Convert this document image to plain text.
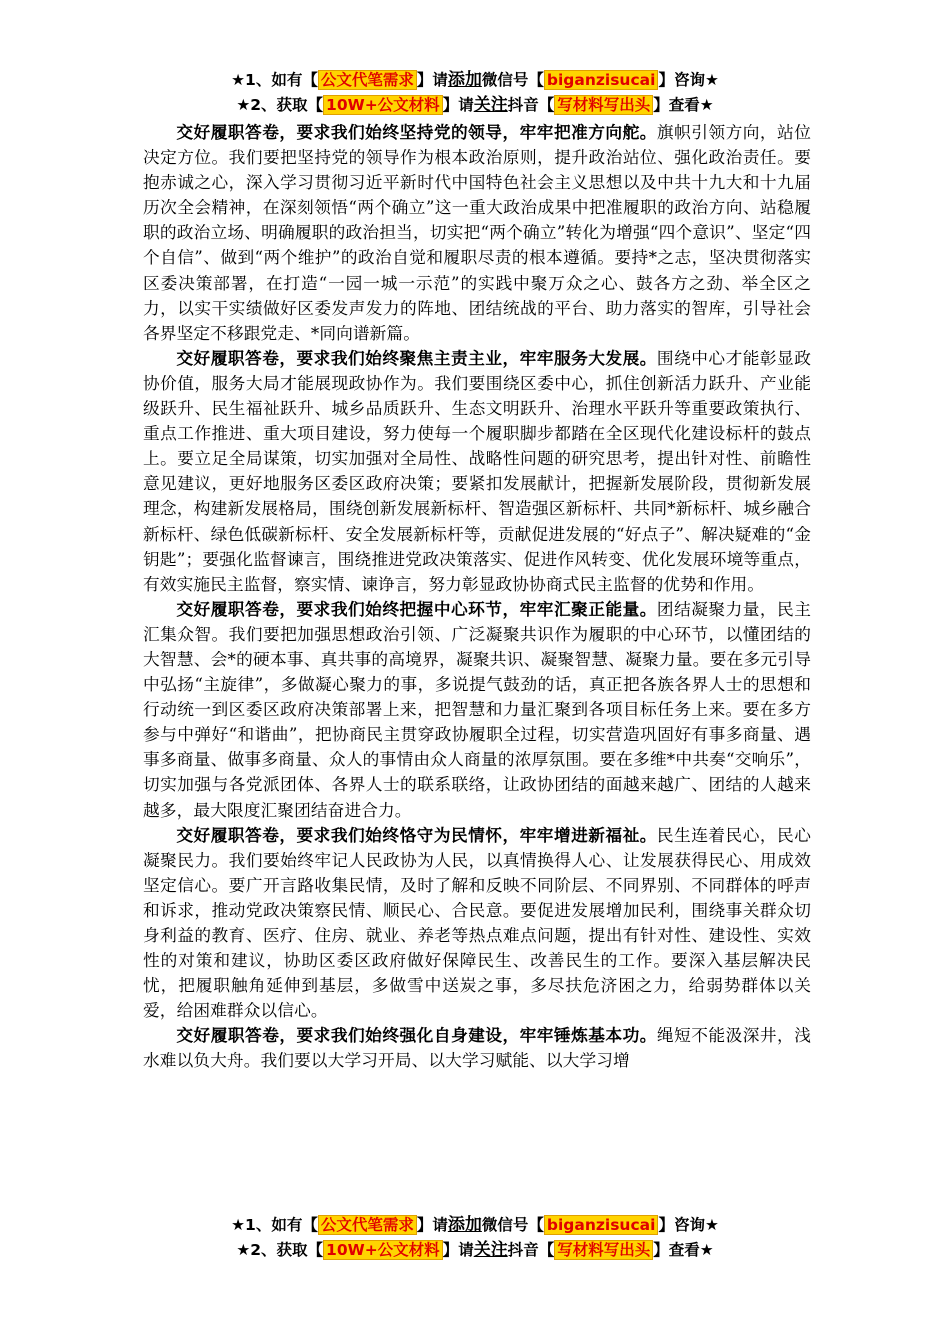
★1、如有【 公文代笔需求 】请添加微信号【 biganzisucai 】咨询★
★2、获取【 10W+公文材料 】请关注抖音【 写材料写出头 】查看★

交好履职答卷，要求我们始终坚持党的领导，牢牢把准方向舵。旗帜引领方向，站位决定方位。我们要把坚持党的领导作为根本政治原则，提升政治站位、强化政治责任。要抱赤诚之心，深入学习贯彻习近平新时代中国特色社会主义思想以及中共十九大和十九届历次全会精神，在深刻领悟“两个确立”这一重大政治成果中把准履职的政治方向、站稳履职的政治立场、明确履职的政治担当，切实把“两个确立”转化为增强“四个意识”、坚定“四个自信”、做到“两个维护”的政治自觉和履职尽责的根本遵循。要持*之志，坚决贯彻落实区委决策部署，在打造“一园一城一示范”的实践中聚万众之心、鼓各方之劲、举全区之力，以实干实绩做好区委发声发力的阵地、团结统战的平台、助力落实的智库，引导社会各界坚定不移跟党走、*同向谱新篇。

交好履职答卷，要求我们始终聚焦主责主业，牢牢服务大发展。围绕中心才能彰显政协价值，服务大局才能展现政协作为。我们要围绕区委中心，抓住创新活力跃升、产业能级跃升、民生福祉跃升、城乡品质跃升、生态文明跃升、治理水平跃升等重要政策执行、重点工作推进、重大项目建设，努力使每一个履职脚步都踏在全区现代化建设标杆的鼓点上。要立足全局谋策，切实加强对全局性、战略性问题的研究思考，提出针对性、前瞻性意见建议，更好地服务区委区政府决策；要紧扣发展献计，把握新发展阶段，贯彻新发展理念，构建新发展格局，围绕创新发展新标杆、智造强区新标杆、共同*新标杆、城乡融合新标杆、绿色低碳新标杆、安全发展新标杆等，贡献促进发展的“好点子”、解决疑难的“金钥匙”；要强化监督谏言，围绕推进党政决策落实、促进作风转变、优化发展环境等重点，有效实施民主监督，察实情、谏诤言，努力彰显政协协商式民主监督的优势和作用。

交好履职答卷，要求我们始终把握中心环节，牢牢汇聚正能量。团结凝聚力量，民主汇集众智。我们要把加强思想政治引领、广泛凝聚共识作为履职的中心环节，以懂团结的大智慧、会*的硬本事、真共事的高境界，凝聚共识、凝聚智慧、凝聚力量。要在多元引导中弘扬“主旋律”，多做凝心聚力的事，多说提气鼓劲的话，真正把各族各界人士的思想和行动统一到区委区政府决策部署上来，把智慧和力量汇聚到各项目标任务上来。要在多方参与中弹好“和谐曲”，把协商民主贯穿政协履职全过程，切实营造巩固好有事多商量、遇事多商量、做事多商量、众人的事情由众人商量的浓厚氛围。要在多维*中共奏“交响乐”，切实加强与各党派团体、各界人士的联系联络，让政协团结的面越来越广、团结的人越来越多，最大限度汇聚团结奋进合力。

交好履职答卷，要求我们始终恪守为民情怀，牢牢增进新福祉。民生连着民心，民心凝聚民力。我们要始终牢记人民政协为人民，以真情换得人心、让发展获得民心、用成效坚定信心。要广开言路收集民情，及时了解和反映不同阶层、不同界别、不同群体的呼声和诉求，推动党政决策察民情、顺民心、合民意。要促进发展增加民利，围绕事关群众切身利益的教育、医疗、住房、就业、养老等热点难点问题，提出有针对性、建设性、实效性的对策和建议，协助区委区政府做好保障民生、改善民生的工作。要深入基层解决民忧，把履职触角延伸到基层，多做雪中送炭之事，多尽扶危济困之力，给弱势群体以关爱，给困难群众以信心。

交好履职答卷，要求我们始终强化自身建设，牢牢锤炼基本功。绳短不能汲深井，浅水难以负大舟。我们要以大学习开局、以大学习赋能、以大学习增

★1、如有【 公文代笔需求 】请添加微信号【 biganzisucai 】咨询★
★2、获取【 10W+公文材料 】请关注抖音【 写材料写出头 】查看★
